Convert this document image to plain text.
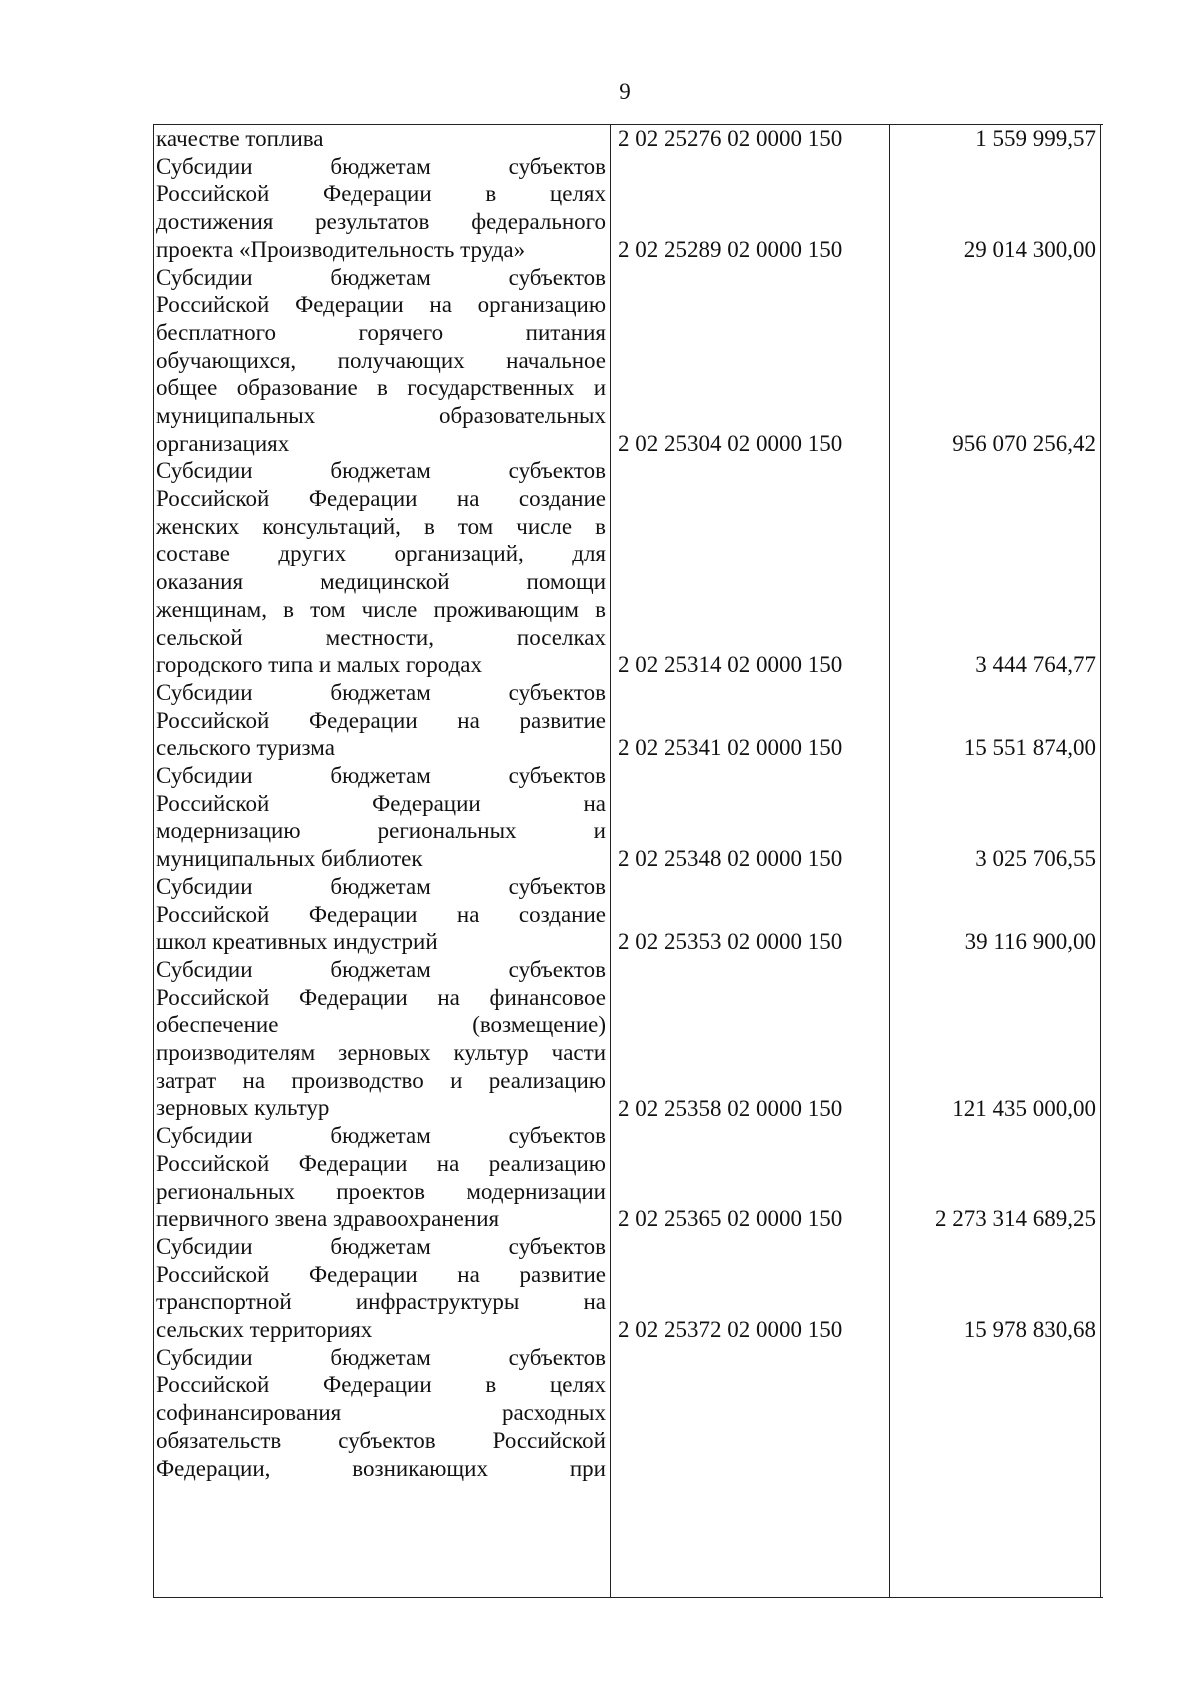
9
качестве топлива	2 02 25276 02 0000 150	1 559 999,57
Субсидии бюджетам субъектов
Российской Федерации в целях
достижения результатов федерального
проекта «Производительность труда»	2 02 25289 02 0000 150	29 014 300,00
Субсидии бюджетам субъектов
Российской Федерации на организацию
бесплатного горячего питания
обучающихся, получающих начальное
общее образование в государственных и
муниципальных образовательных
организациях	2 02 25304 02 0000 150	956 070 256,42
Субсидии бюджетам субъектов
Российской Федерации на создание
женских консультаций, в том числе в
составе других организаций, для
оказания медицинской помощи
женщинам, в том числе проживающим в
сельской местности, поселках
городского типа и малых городах	2 02 25314 02 0000 150	3 444 764,77
Субсидии бюджетам субъектов
Российской Федерации на развитие
сельского туризма	2 02 25341 02 0000 150	15 551 874,00
Субсидии бюджетам субъектов
Российской Федерации на
модернизацию региональных и
муниципальных библиотек	2 02 25348 02 0000 150	3 025 706,55
Субсидии бюджетам субъектов
Российской Федерации на создание
школ креативных индустрий	2 02 25353 02 0000 150	39 116 900,00
Субсидии бюджетам субъектов
Российской Федерации на финансовое
обеспечение (возмещение)
производителям зерновых культур части
затрат на производство и реализацию
зерновых культур	2 02 25358 02 0000 150	121 435 000,00
Субсидии бюджетам субъектов
Российской Федерации на реализацию
региональных проектов модернизации
первичного звена здравоохранения	2 02 25365 02 0000 150	2 273 314 689,25
Субсидии бюджетам субъектов
Российской Федерации на развитие
транспортной инфраструктуры на
сельских территориях	2 02 25372 02 0000 150	15 978 830,68
Субсидии бюджетам субъектов
Российской Федерации в целях
софинансирования расходных
обязательств субъектов Российской
Федерации, возникающих при
